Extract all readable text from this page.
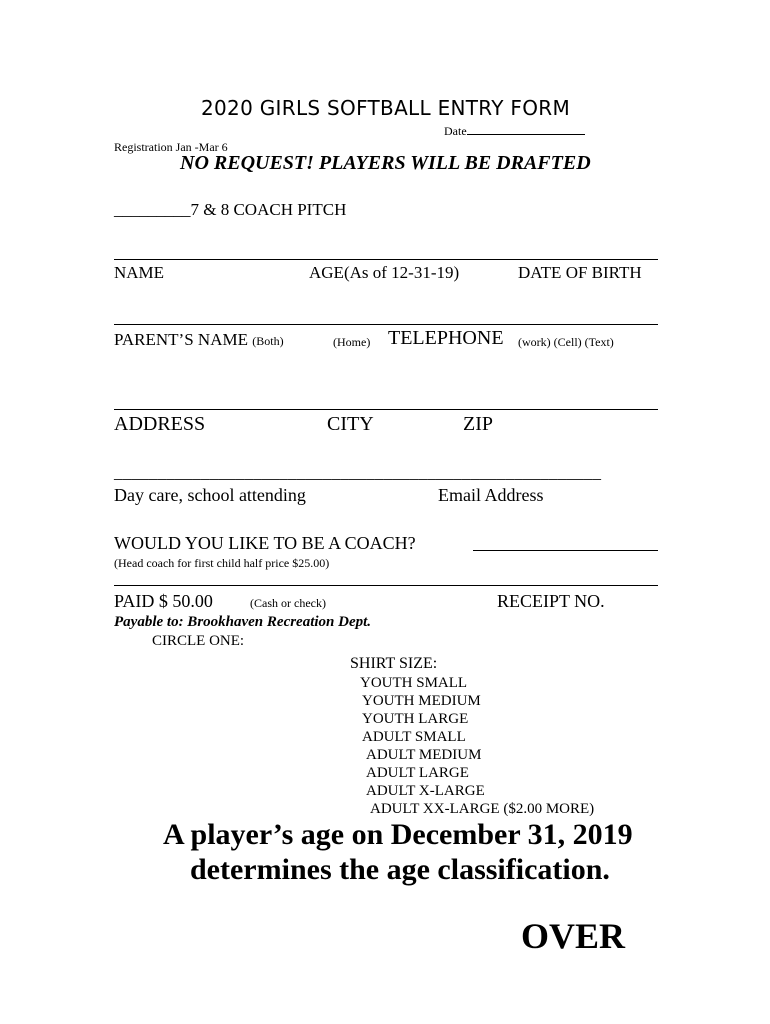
2020 GIRLS SOFTBALL ENTRY FORM
Date
Registration Jan -Mar 6
NO REQUEST! PLAYERS WILL BE DRAFTED
_________7 & 8 COACH PITCH
NAME	AGE(As of 12-31-19)	DATE OF BIRTH
PARENT’S NAME (Both)	(Home) TELEPHONE (work) (Cell) (Text)
ADDRESS	CITY	ZIP
________________________________________________________
Day care, school attending	Email Address
WOULD YOU LIKE TO BE A COACH?
(Head coach for first child half price $25.00)
PAID $ 50.00	(Cash or check)	RECEIPT NO.
Payable to: Brookhaven Recreation Dept.
CIRCLE ONE:
SHIRT SIZE:
YOUTH SMALL
YOUTH MEDIUM
YOUTH LARGE
ADULT SMALL
ADULT MEDIUM
ADULT LARGE
ADULT X-LARGE
ADULT XX-LARGE ($2.00 MORE)
A player’s age on December 31, 2019
determines the age classification.
OVER
